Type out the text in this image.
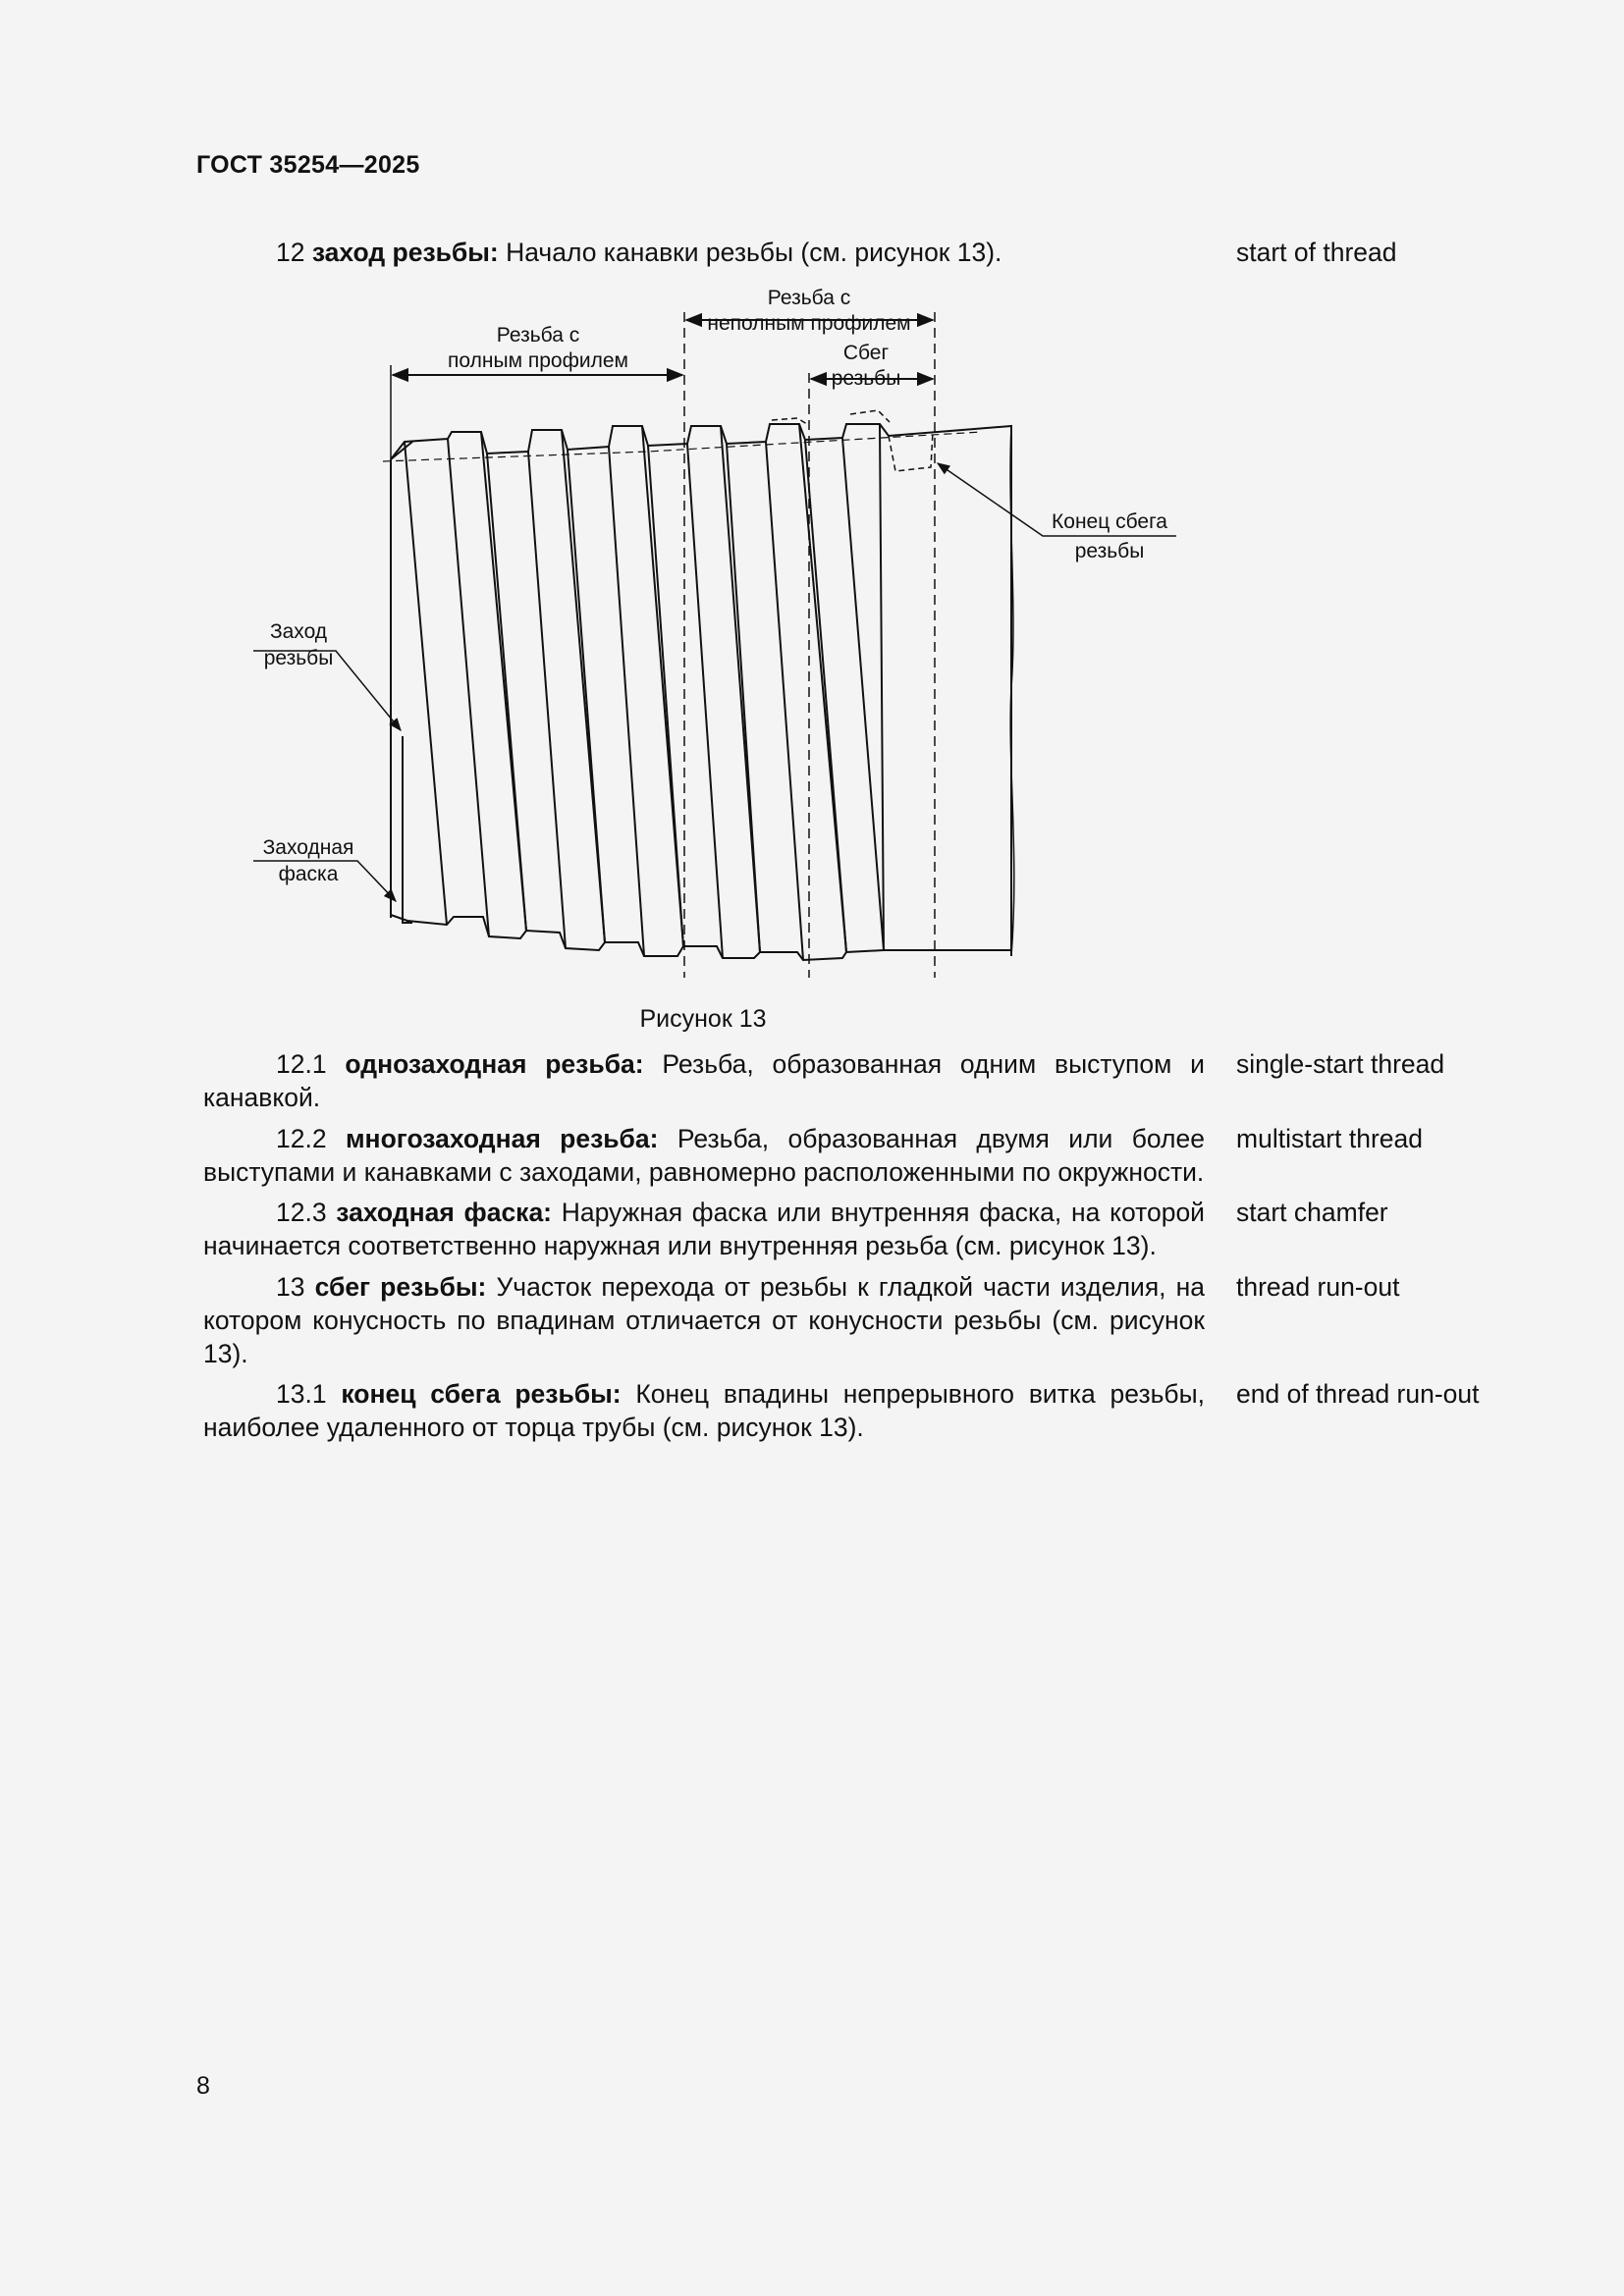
ГОСТ 35254—2025
12 заход резьбы: Начало канавки резьбы (см. рисунок 13).	start of thread
Резьба с полным профилем
Резьба с неполным профилем
Сбег резьбы
Конец сбега резьбы
Заход резьбы
Заходная фаска
Рисунок 13
12.1 однозаходная резьба: Резьба, образованная одним выступом и канавкой.
single-start thread
12.2 многозаходная резьба: Резьба, образованная двумя или более выступами и канавками с заходами, равномерно расположенными по окружности.
multistart thread
12.3 заходная фаска: Наружная фаска или внутренняя фаска, на которой начинается соответственно наружная или внутренняя резьба (см. рисунок 13).
start chamfer
13 сбег резьбы: Участок перехода от резьбы к гладкой части изделия, на котором конусность по впадинам отличается от конусности резьбы (см. рисунок 13).
thread run-out
13.1 конец сбега резьбы: Конец впадины непрерывного витка резьбы, наиболее удаленного от торца трубы (см. рисунок 13).
end of thread run-out
8
